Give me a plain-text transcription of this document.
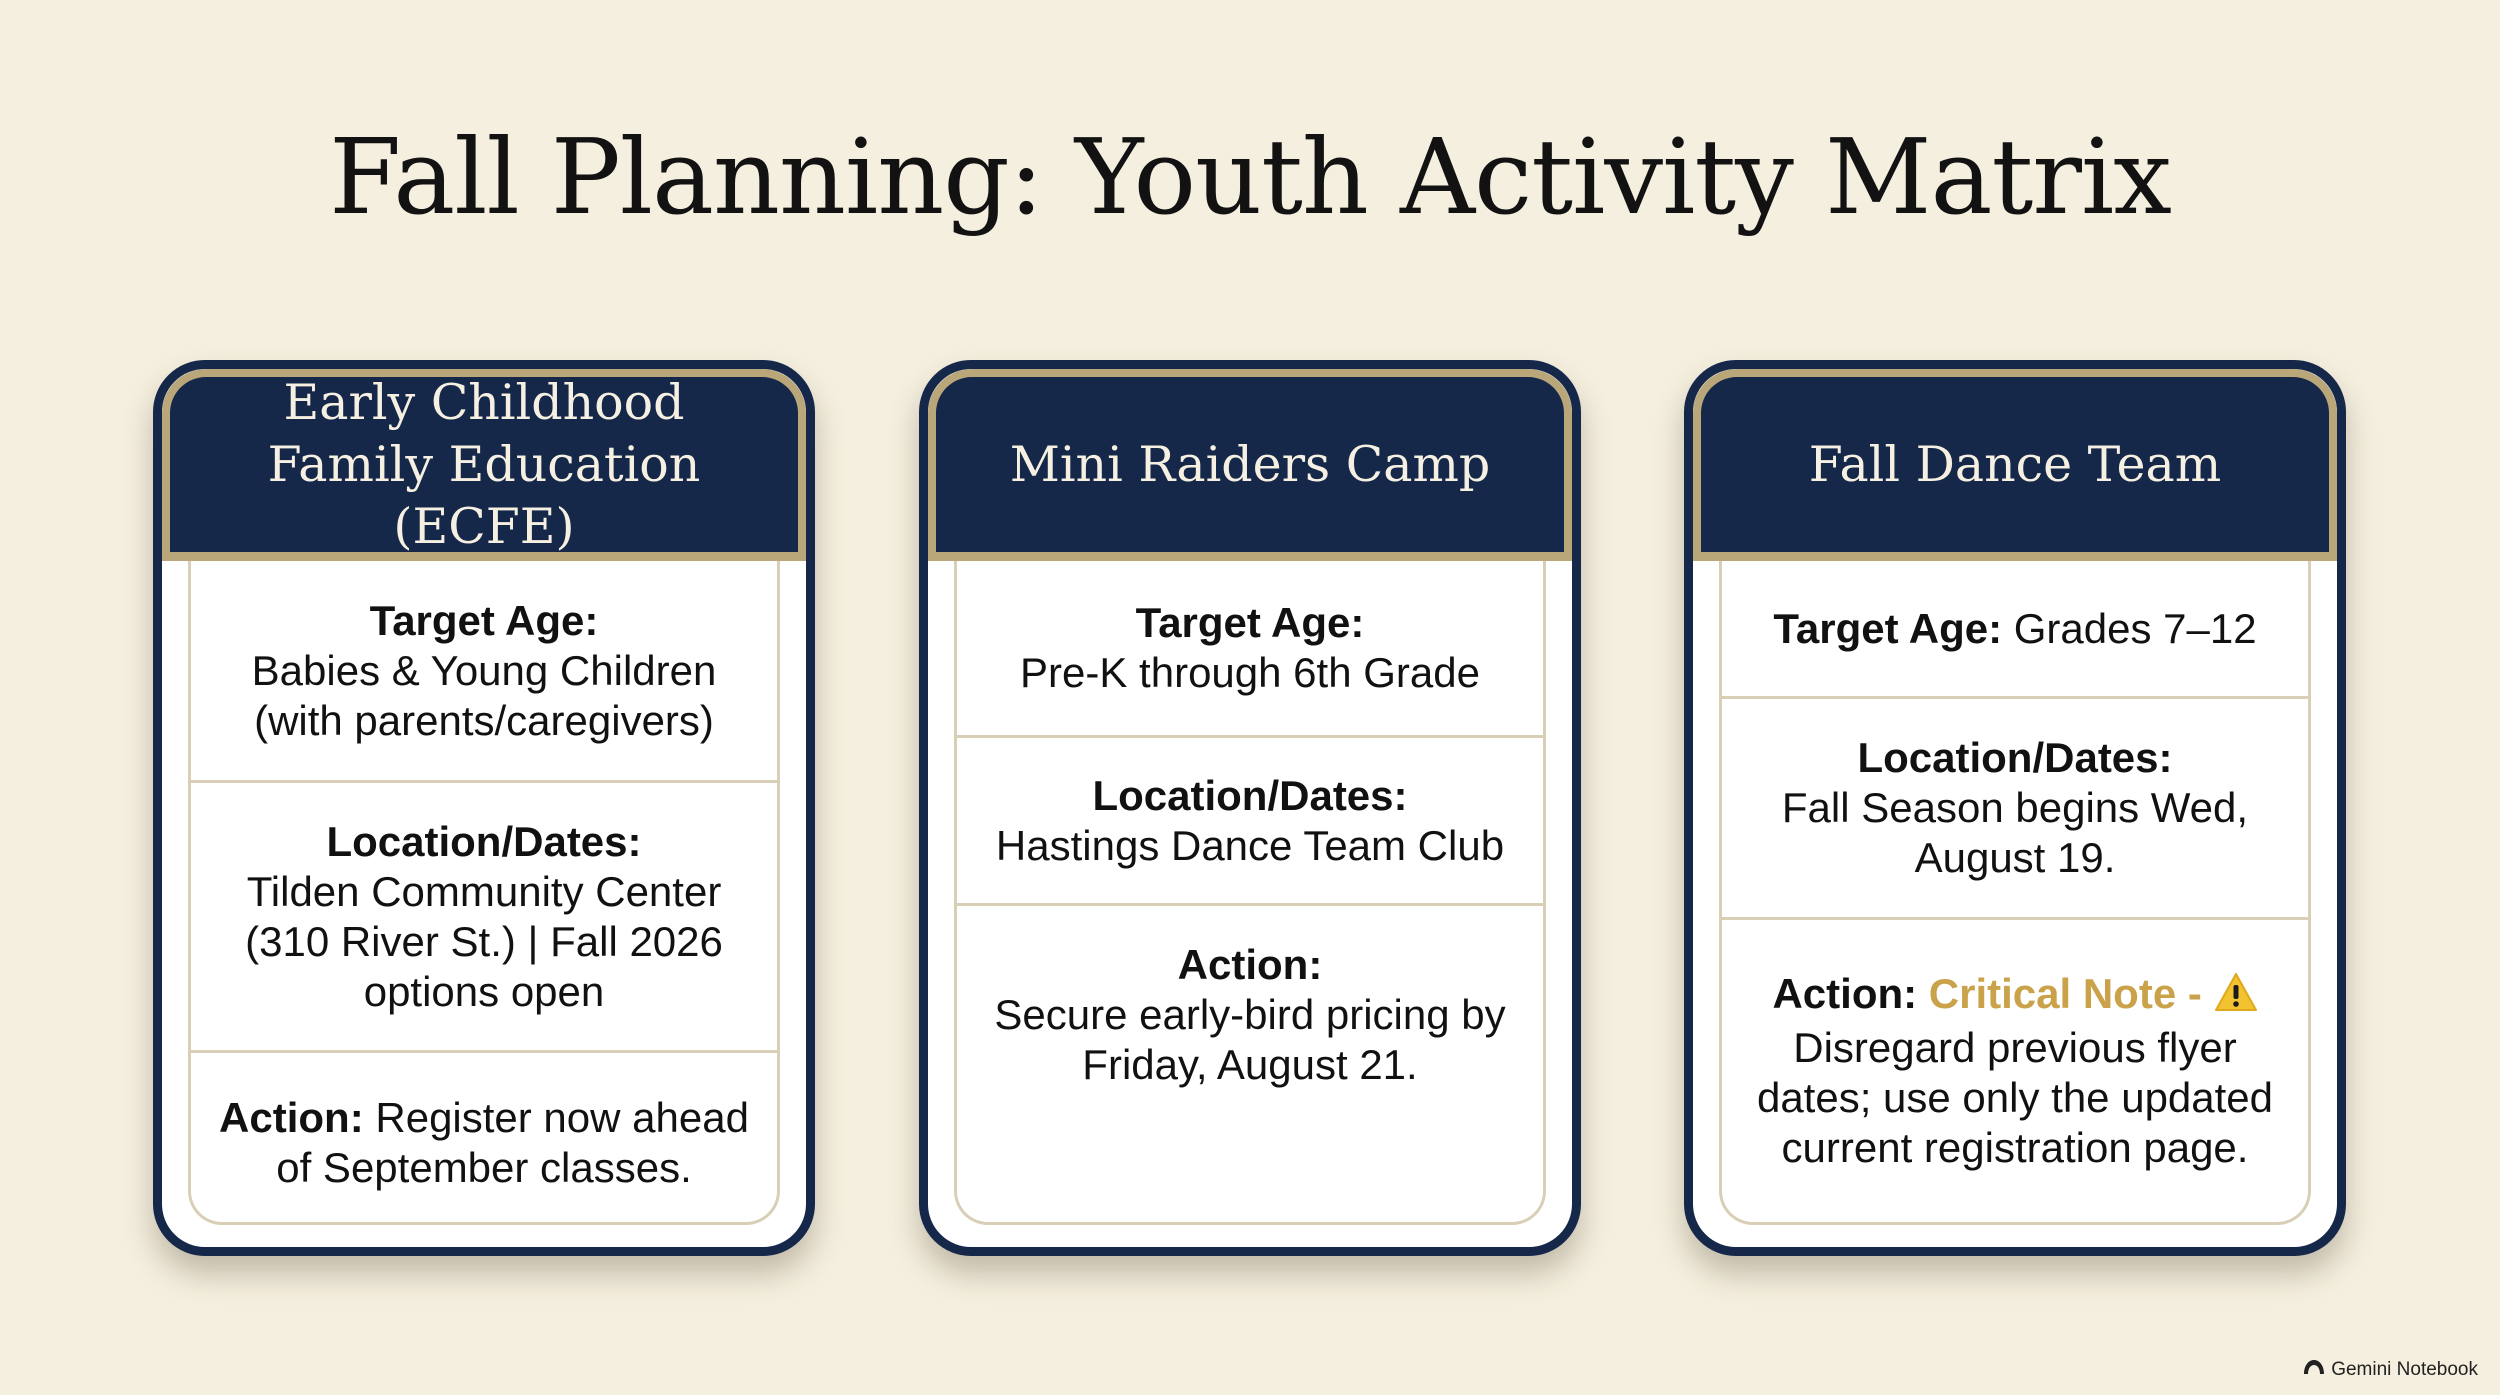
Fall Planning: Youth Activity Matrix
Early Childhood Family Education (ECFE)
Target Age:
Babies & Young Children (with parents/caregivers)
Location/Dates:
Tilden Community Center (310 River St.) | Fall 2026 options open
Action: Register now ahead of September classes.
Mini Raiders Camp
Target Age:
Pre-K through 6th Grade
Location/Dates:
Hastings Dance Team Club
Action:
Secure early-bird pricing by Friday, August 21.
Fall Dance Team
Target Age: Grades 7–12
Location/Dates:
Fall Season begins Wed, August 19.
Action: Critical Note -
Disregard previous flyer dates; use only the updated current registration page.
Gemini Notebook
